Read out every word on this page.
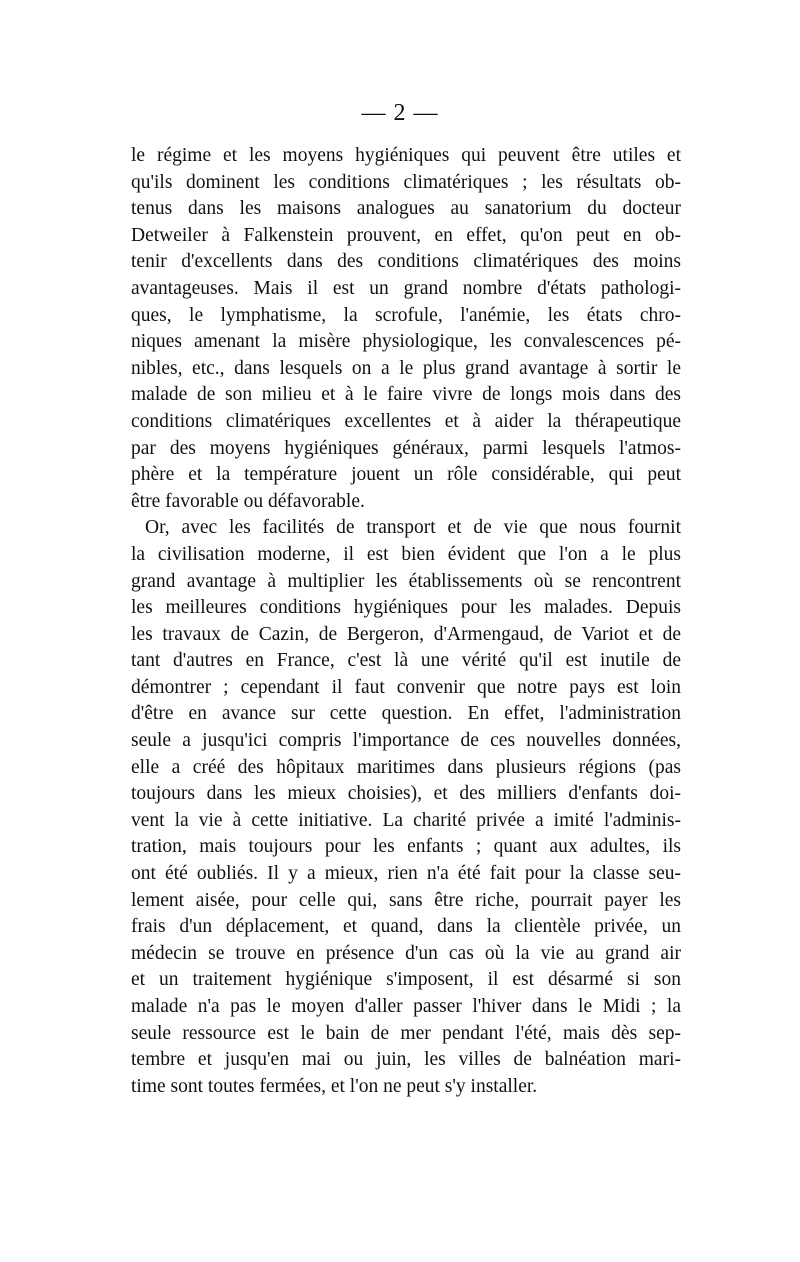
— 2 —
le régime et les moyens hygiéniques qui peuvent être utiles et
qu'ils dominent les conditions climatériques ; les résultats ob-
tenus dans les maisons analogues au sanatorium du docteur
Detweiler à Falkenstein prouvent, en effet, qu'on peut en ob-
tenir d'excellents dans des conditions climatériques des moins
avantageuses. Mais il est un grand nombre d'états pathologi-
ques, le lymphatisme, la scrofule, l'anémie, les états chro-
niques amenant la misère physiologique, les convalescences pé-
nibles, etc., dans lesquels on a le plus grand avantage à sortir le
malade de son milieu et à le faire vivre de longs mois dans des
conditions climatériques excellentes et à aider la thérapeutique
par des moyens hygiéniques généraux, parmi lesquels l'atmos-
phère et la température jouent un rôle considérable, qui peut
être favorable ou défavorable.
Or, avec les facilités de transport et de vie que nous fournit
la civilisation moderne, il est bien évident que l'on a le plus
grand avantage à multiplier les établissements où se rencontrent
les meilleures conditions hygiéniques pour les malades. Depuis
les travaux de Cazin, de Bergeron, d'Armengaud, de Variot et de
tant d'autres en France, c'est là une vérité qu'il est inutile de
démontrer ; cependant il faut convenir que notre pays est loin
d'être en avance sur cette question. En effet, l'administration
seule a jusqu'ici compris l'importance de ces nouvelles données,
elle a créé des hôpitaux maritimes dans plusieurs régions (pas
toujours dans les mieux choisies), et des milliers d'enfants doi-
vent la vie à cette initiative. La charité privée a imité l'adminis-
tration, mais toujours pour les enfants ; quant aux adultes, ils
ont été oubliés. Il y a mieux, rien n'a été fait pour la classe seu-
lement aisée, pour celle qui, sans être riche, pourrait payer les
frais d'un déplacement, et quand, dans la clientèle privée, un
médecin se trouve en présence d'un cas où la vie au grand air
et un traitement hygiénique s'imposent, il est désarmé si son
malade n'a pas le moyen d'aller passer l'hiver dans le Midi ; la
seule ressource est le bain de mer pendant l'été, mais dès sep-
tembre et jusqu'en mai ou juin, les villes de balnéation mari-
time sont toutes fermées, et l'on ne peut s'y installer.
